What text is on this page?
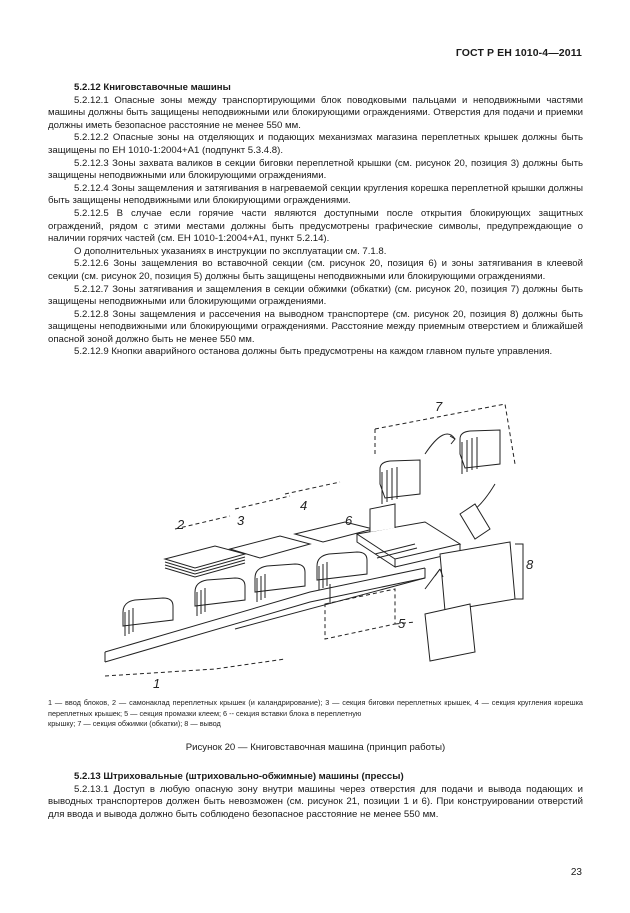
ГОСТ Р ЕН 1010-4—2011

5.2.12 Книговставочные машины

5.2.12.1 Опасные зоны между транспортирующими блок поводковыми пальцами и неподвижными частями машины должны быть защищены неподвижными или блокирующими ограждениями. Отверстия для подачи и приемки должны иметь безопасное расстояние не менее 550 мм.

5.2.12.2 Опасные зоны на отделяющих и подающих механизмах магазина переплетных крышек должны быть защищены по ЕН 1010-1:2004+А1 (подпункт 5.3.4.8).

5.2.12.3 Зоны захвата валиков в секции биговки переплетной крышки (см. рисунок 20, позиция 3) должны быть защищены неподвижными или блокирующими ограждениями.

5.2.12.4 Зоны защемления и затягивания в нагреваемой секции кругления корешка переплетной крышки должны быть защищены неподвижными или блокирующими ограждениями.

5.2.12.5 В случае если горячие части являются доступными после открытия блокирующих защитных ограждений, рядом с этими местами должны быть предусмотрены графические символы, предупреждающие о наличии горячих частей (см. ЕН 1010-1:2004+А1, пункт 5.2.14).

О дополнительных указаниях в инструкции по эксплуатации см. 7.1.8.

5.2.12.6 Зоны защемления во вставочной секции (см. рисунок 20, позиция 6) и зоны затягивания в клеевой секции (см. рисунок 20, позиция 5) должны быть защищены неподвижными или блокирующими ограждениями.

5.2.12.7 Зоны затягивания и защемления в секции обжимки (обкатки) (см. рисунок 20, позиция 7) должны быть защищены неподвижными или блокирующими ограждениями.

5.2.12.8 Зоны защемления и рассечения на выводном транспортере (см. рисунок 20, позиция 8) должны быть защищены неподвижными или блокирующими ограждениями. Расстояние между приемным отверстием и ближайшей опасной зоной должно быть не менее 550 мм.

5.2.12.9 Кнопки аварийного останова должны быть предусмотрены на каждом главном пульте управления.

1
2	3
4
5
6
7
8
1 — ввод блоков, 2 — самонаклад переплетных крышек (и каландрирование); 3 — секция биговки переплетных крышек, 4 — секция кругления корешка переплетных крышек; 5 — секция промазки клеем; 6 -- секция вставки блока в переплетную
крышку; 7 — секция обжимки (обкатки); 8 — вывод
Рисунок 20 — Книговставочная машина (принцип работы)

5.2.13 Штриховальные (штриховально-обжимные) машины (прессы)

5.2.13.1 Доступ в любую опасную зону внутри машины через отверстия для подачи и вывода подающих и выводных транспортеров должен быть невозможен (см. рисунок 21, позиции 1 и 6). При конструировании отверстий для ввода и вывода должно быть соблюдено безопасное расстояние не менее 550 мм.

23
